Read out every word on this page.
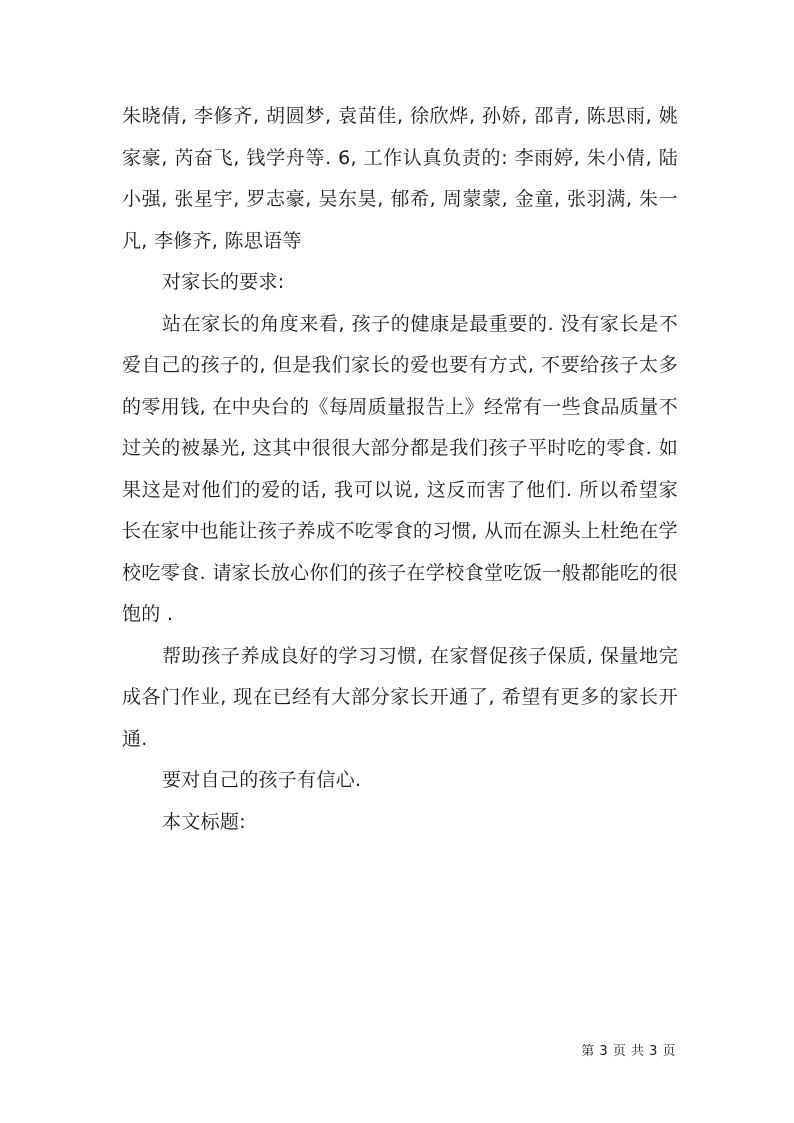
朱晓倩, 李修齐, 胡圆梦, 袁苗佳, 徐欣烨, 孙娇, 邵青, 陈思雨, 姚家豪, 芮奋飞, 钱学舟等. 6, 工作认真负责的: 李雨婷, 朱小倩, 陆小强, 张星宇, 罗志豪, 吴东昊, 郁希, 周蒙蒙, 金童, 张羽满, 朱一凡, 李修齐, 陈思语等

对家长的要求:

站在家长的角度来看, 孩子的健康是最重要的. 没有家长是不爱自己的孩子的, 但是我们家长的爱也要有方式, 不要给孩子太多的零用钱, 在中央台的《每周质量报告上》经常有一些食品质量不过关的被暴光, 这其中很很大部分都是我们孩子平时吃的零食. 如果这是对他们的爱的话, 我可以说, 这反而害了他们. 所以希望家长在家中也能让孩子养成不吃零食的习惯, 从而在源头上杜绝在学校吃零食. 请家长放心你们的孩子在学校食堂吃饭一般都能吃的很饱的 .

帮助孩子养成良好的学习习惯, 在家督促孩子保质, 保量地完成各门作业, 现在已经有大部分家长开通了, 希望有更多的家长开通.

要对自己的孩子有信心.

本文标题:

第 3 页 共 3 页
